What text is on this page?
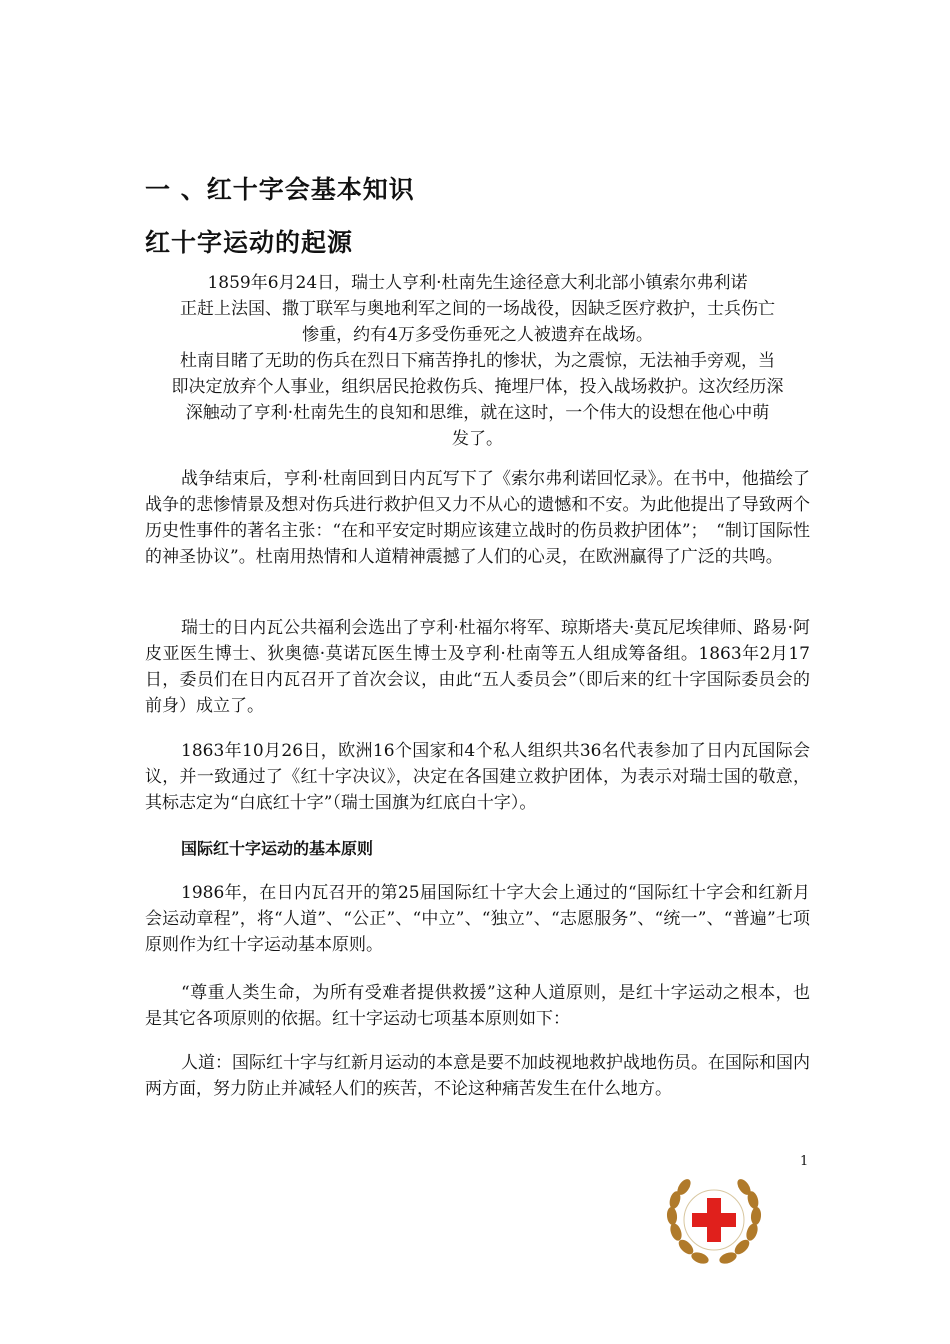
一 、红十字会基本知识
红十字运动的起源
1859年6月24日，瑞士人亨利·杜南先生途径意大利北部小镇索尔弗利诺
正赶上法国、撒丁联军与奥地利军之间的一场战役，因缺乏医疗救护，士兵伤亡
惨重，约有4万多受伤垂死之人被遗弃在战场。
杜南目睹了无助的伤兵在烈日下痛苦挣扎的惨状，为之震惊，无法袖手旁观，当
即决定放弃个人事业，组织居民抢救伤兵、掩埋尸体，投入战场救护。这次经历深
深触动了亨利·杜南先生的良知和思维，就在这时，一个伟大的设想在他心中萌
发了。

战争结束后，亨利·杜南回到日内瓦写下了《索尔弗利诺回忆录》。在书中，他描绘了战争的悲惨情景及想对伤兵进行救护但又力不从心的遗憾和不安。为此他提出了导致两个历史性事件的著名主张：“在和平安定时期应该建立战时的伤员救护团体”；　“制订国际性的神圣协议”。杜南用热情和人道精神震撼了人们的心灵，在欧洲赢得了广泛的共鸣。

瑞士的日内瓦公共福利会选出了亨利·杜福尔将军、琼斯塔夫·莫瓦尼埃律师、路易·阿皮亚医生博士、狄奥德·莫诺瓦医生博士及亨利·杜南等五人组成筹备组。1863年2月17日，委员们在日内瓦召开了首次会议，由此“五人委员会”（即后来的红十字国际委员会的前身）成立了。

1863年10月26日，欧洲16个国家和4个私人组织共36名代表参加了日内瓦国际会议，并一致通过了《红十字决议》，决定在各国建立救护团体，为表示对瑞士国的敬意，其标志定为“白底红十字”（瑞士国旗为红底白十字）。

国际红十字运动的基本原则

1986年，在日内瓦召开的第25届国际红十字大会上通过的“国际红十字会和红新月会运动章程”，将“人道”、“公正”、“中立”、“独立”、“志愿服务”、“统一”、“普遍”七项原则作为红十字运动基本原则。

“尊重人类生命，为所有受难者提供救援”这种人道原则，是红十字运动之根本，也是其它各项原则的依据。红十字运动七项基本原则如下：

人道：国际红十字与红新月运动的本意是要不加歧视地救护战地伤员。在国际和国内两方面，努力防止并减轻人们的疾苦，不论这种痛苦发生在什么地方。

1
